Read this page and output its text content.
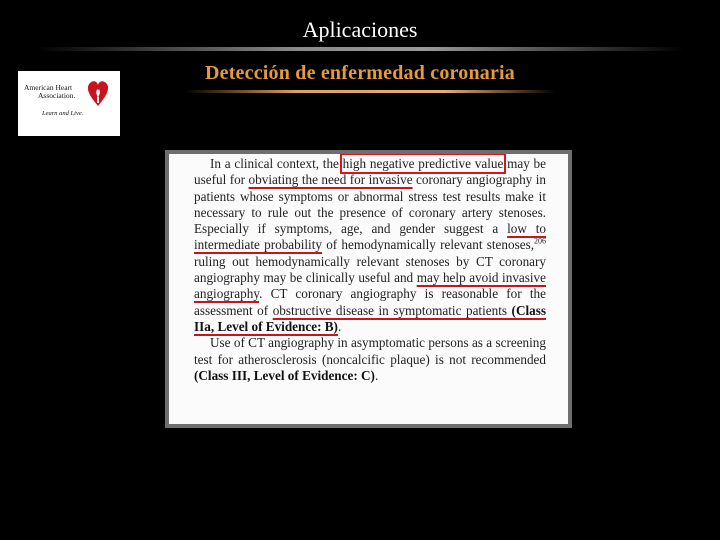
Aplicaciones
Detección de enfermedad coronaria
American Heart
Association.
Learn and Live.

In a clinical context, the high negative predictive value may be useful for obviating the need for invasive coronary angiography in patients whose symptoms or abnormal stress test results make it necessary to rule out the presence of coronary artery stenoses. Especially if symptoms, age, and gender suggest a low to intermediate probability of hemodynamically relevant stenoses,$^{206}$ ruling out hemodynamically relevant stenoses by CT coronary angiography may be clinically useful and may help avoid invasive angiography. CT coronary angiography is reasonable for the assessment of obstructive disease in symptomatic patients (Class IIa, Level of Evidence: B).

Use of CT angiography in asymptomatic persons as a screening test for atherosclerosis (noncalcific plaque) is not recommended (Class III, Level of Evidence: C).
